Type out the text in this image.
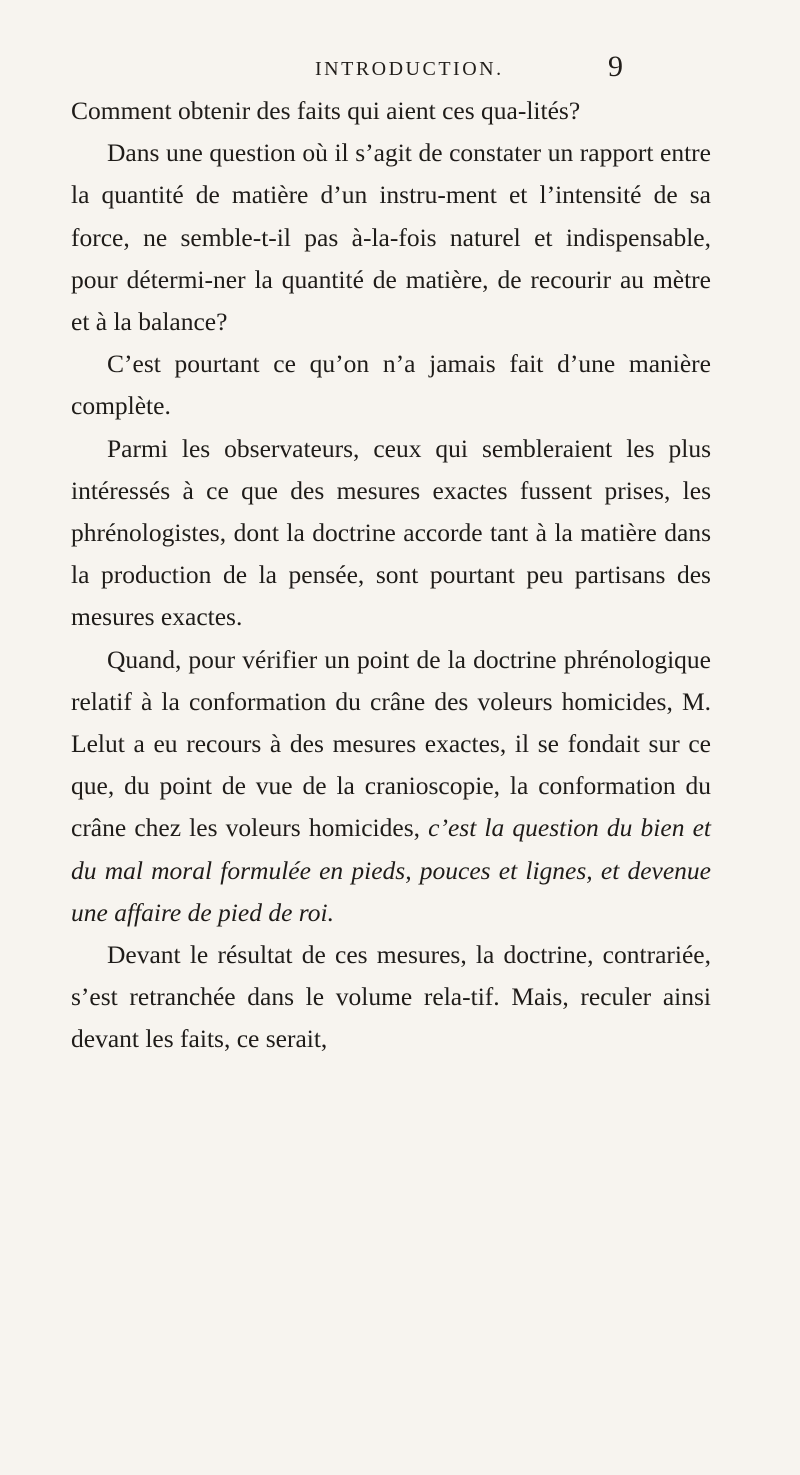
INTRODUCTION.	9

Comment obtenir des faits qui aient ces qua-lités?

Dans une question où il s’agit de constater un rapport entre la quantité de matière d’un instru-ment et l’intensité de sa force, ne semble-t-il pas à-la-fois naturel et indispensable, pour détermi-ner la quantité de matière, de recourir au mètre et à la balance?

C’est pourtant ce qu’on n’a jamais fait d’une manière complète.

Parmi les observateurs, ceux qui sembleraient les plus intéressés à ce que des mesures exactes fussent prises, les phrénologistes, dont la doctrine accorde tant à la matière dans la production de la pensée, sont pourtant peu partisans des mesures exactes.

Quand, pour vérifier un point de la doctrine phrénologique relatif à la conformation du crâne des voleurs homicides, M. Lelut a eu recours à des mesures exactes, il se fondait sur ce que, du point de vue de la cranioscopie, la conformation du crâne chez les voleurs homicides, c’est la question du bien et du mal moral formulée en pieds, pouces et lignes, et devenue une affaire de pied de roi.

Devant le résultat de ces mesures, la doctrine, contrariée, s’est retranchée dans le volume rela-tif. Mais, reculer ainsi devant les faits, ce serait,
